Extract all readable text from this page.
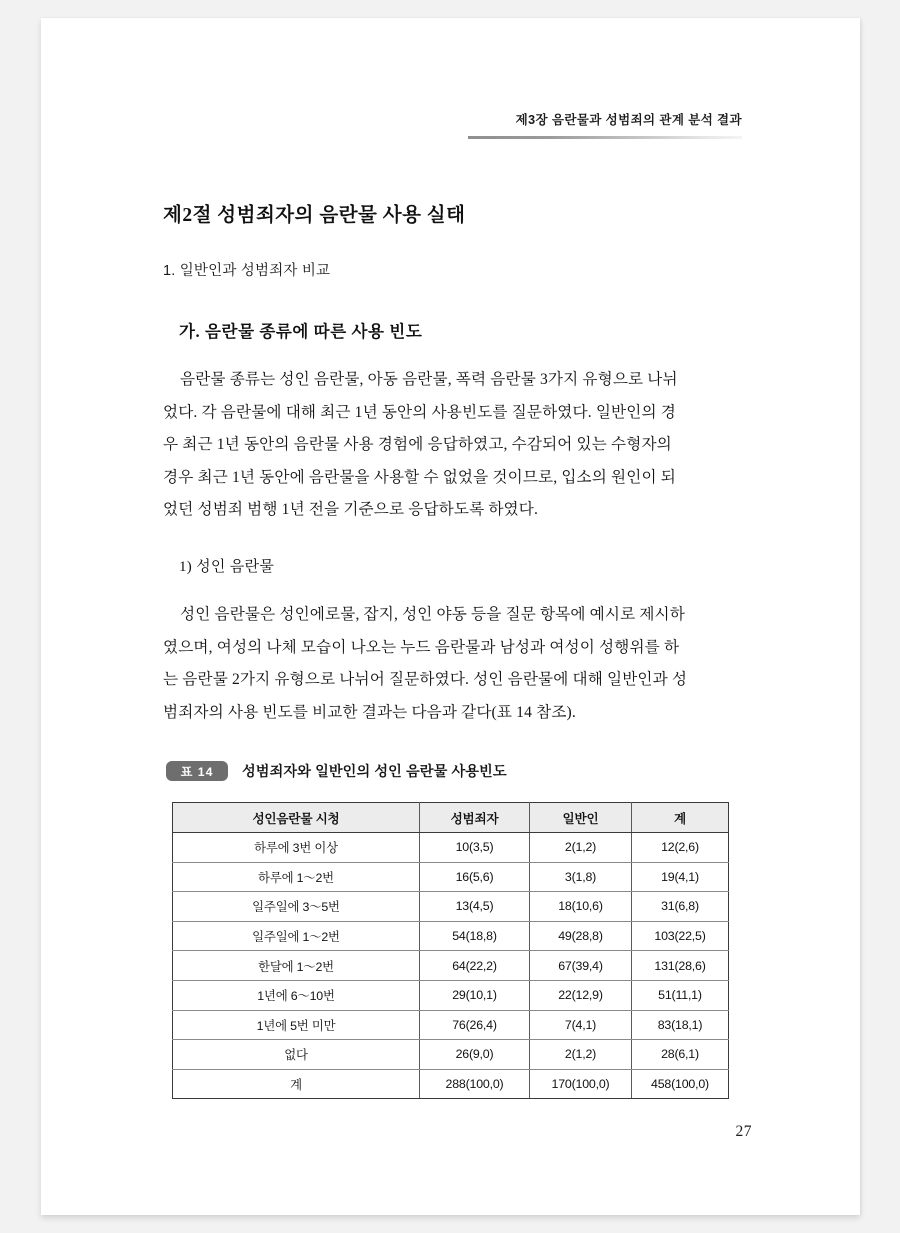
제3장 음란물과 성범죄의 관계 분석 결과
제2절 성범죄자의 음란물 사용 실태
1. 일반인과 성범죄자 비교
가. 음란물 종류에 따른 사용 빈도
음란물 종류는 성인 음란물, 아동 음란물, 폭력 음란물 3가지 유형으로 나뉘
었다. 각 음란물에 대해 최근 1년 동안의 사용빈도를 질문하였다. 일반인의 경
우 최근 1년 동안의 음란물 사용 경험에 응답하였고, 수감되어 있는 수형자의
경우 최근 1년 동안에 음란물을 사용할 수 없었을 것이므로, 입소의 원인이 되
었던 성범죄 범행 1년 전을 기준으로 응답하도록 하였다.
1) 성인 음란물
성인 음란물은 성인에로물, 잡지, 성인 야동 등을 질문 항목에 예시로 제시하
였으며, 여성의 나체 모습이 나오는 누드 음란물과 남성과 여성이 성행위를 하
는 음란물 2가지 유형으로 나뉘어 질문하였다. 성인 음란물에 대해 일반인과 성
범죄자의 사용 빈도를 비교한 결과는 다음과 같다(표 14 참조).
표 14	성범죄자와 일반인의 성인 음란물 사용빈도
성인음란물 시청	성범죄자	일반인	계
하루에 3번 이상	10(3,5)	2(1,2)	12(2,6)
하루에 1〜2번	16(5,6)	3(1,8)	19(4,1)
일주일에 3〜5번	13(4,5)	18(10,6)	31(6,8)
일주일에 1〜2번	54(18,8)	49(28,8)	103(22,5)
한달에 1〜2번	64(22,2)	67(39,4)	131(28,6)
1년에 6〜10번	29(10,1)	22(12,9)	51(11,1)
1년에 5번 미만	76(26,4)	7(4,1)	83(18,1)
없다	26(9,0)	2(1,2)	28(6,1)
계	288(100,0)	170(100,0)	458(100,0)
27
